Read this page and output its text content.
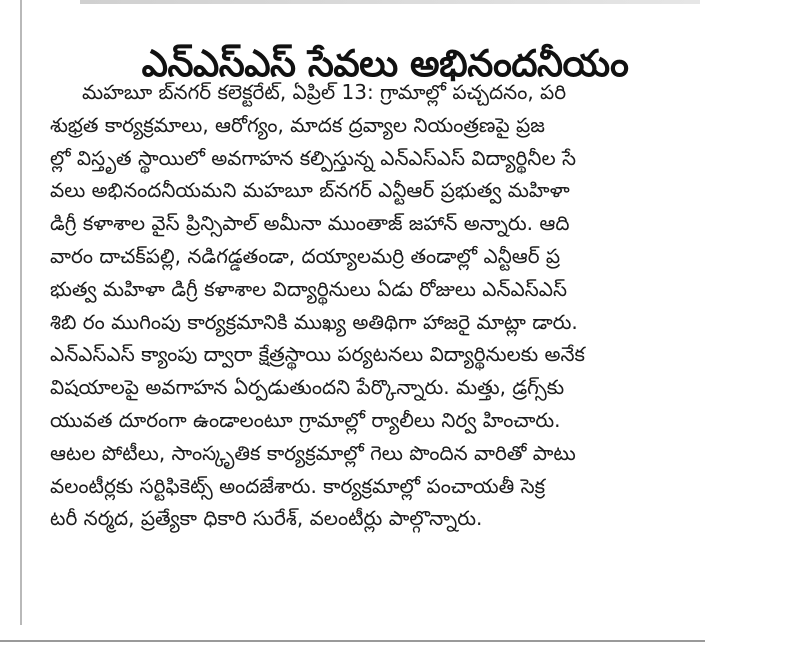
ఎన్ఎస్ఎస్ సేవలు అభినందనీయం
మహబూ బ్‌నగర్ కలెక్టరేట్, ఏప్రిల్ 13: గ్రామాల్లో పచ్చదనం, పరి
శుభ్రత కార్యక్రమాలు, ఆరోగ్యం, మాదక ద్రవ్యాల నియంత్రణపై ప్రజ
ల్లో విస్తృత స్థాయిలో అవగాహన కల్పిస్తున్న ఎన్ఎస్ఎస్ విద్యార్థినీల సే
వలు అభినందనీయమని మహబూ బ్‌నగర్ ఎన్టీఆర్ ప్రభుత్వ మహిళా
డిగ్రీ కళాశాల వైస్ ప్రిన్సిపాల్ అమీనా ముంతాజ్ జహాన్ అన్నారు. ఆది
వారం దాచక్‌పల్లి, నడిగడ్డతండా, దయ్యాలమర్రి తండాల్లో ఎన్టీఆర్ ప్ర
భుత్వ మహిళా డిగ్రీ కళాశాల విద్యార్థినులు ఏడు రోజులు ఎన్ఎస్ఎస్
శిబి రం ముగింపు కార్యక్రమానికి ముఖ్య అతిథిగా హాజరై మాట్లా డారు.
ఎన్ఎస్ఎస్ క్యాంపు ద్వారా క్షేత్రస్థాయి పర్యటనలు విద్యార్థినులకు అనేక
విషయాలపై అవగాహన ఏర్పడుతుందని పేర్కొన్నారు. మత్తు, డ్రగ్స్‌కు
యువత దూరంగా ఉండాలంటూ గ్రామాల్లో ర్యాలీలు నిర్వ హించారు.
ఆటల పోటీలు, సాంస్కృతిక కార్యక్రమాల్లో గెలు పొందిన వారితో పాటు
వలంటీర్లకు సర్టిఫికెట్స్ అందజేశారు. కార్యక్రమాల్లో పంచాయతీ సెక్ర
టరీ నర్మద, ప్రత్యేకా ధికారి సురేశ్, వలంటీర్లు పాల్గొన్నారు.
